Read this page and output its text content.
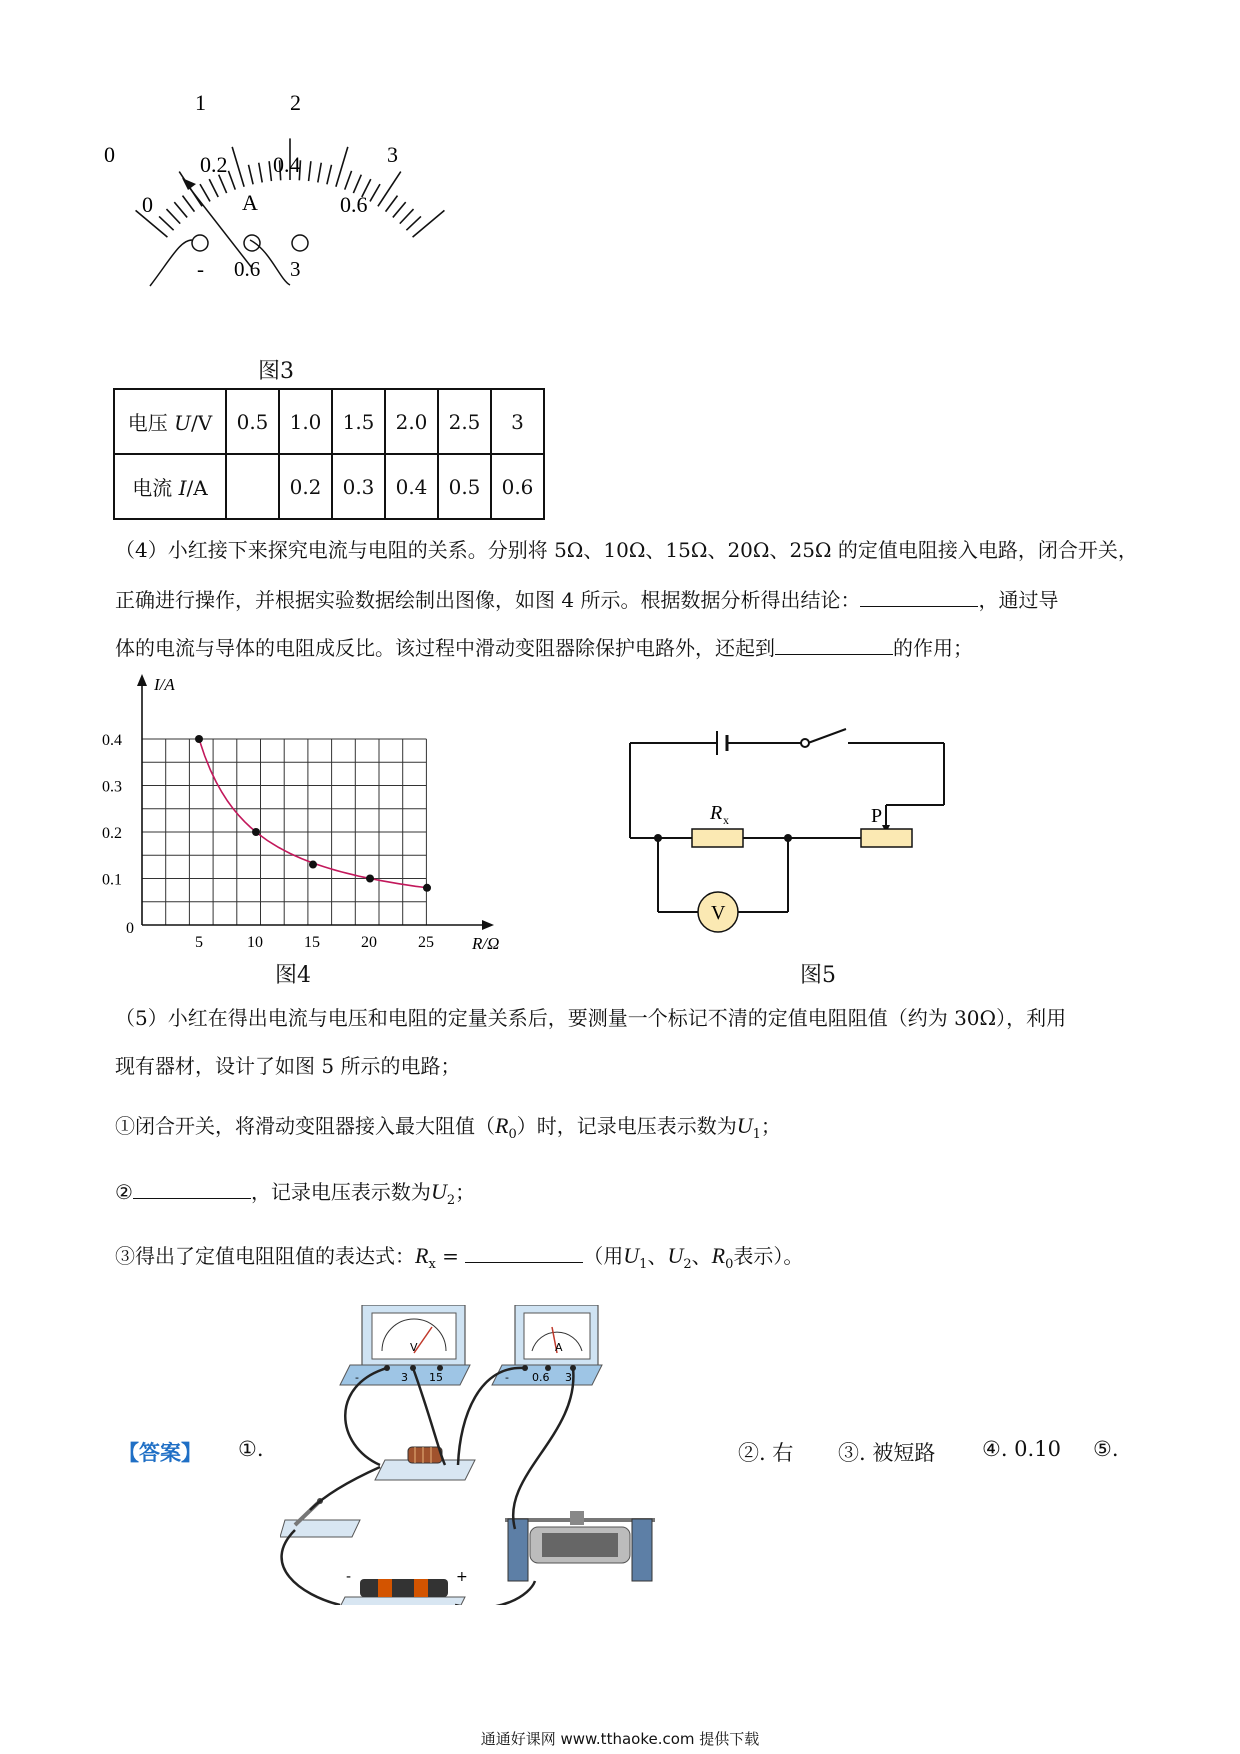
0
1	2
3
0
0.2 0.4
0.6
A
- 0.6 3
图3
电压 U/V	0.5	1.0	1.5	2.0	2.5	3
电流 I/A		0.2	0.3	0.4	0.5	0.6
（4）小红接下来探究电流与电阻的关系。分别将 5Ω、10Ω、15Ω、20Ω、25Ω 的定值电阻接入电路，闭合开关，
正确进行操作，并根据实验数据绘制出图像，如图 4 所示。根据数据分析得出结论：	，通过导
体的电流与导体的电阻成反比。该过程中滑动变阻器除保护电路外，还起到	的作用；
0.1
0.2
0.3
0.4
5	10	15	20	25
0
I/A
R/Ω
图4
V
R x	P
图5
（5）小红在得出电流与电压和电阻的定量关系后，要测量一个标记不清的定值电阻阻值（约为 30Ω），利用
现有器材，设计了如图 5 所示的电路；
①闭合开关，将滑动变阻器接入最大阻值$(R_0)$时，记录电压表示数为$U_1$；
②	，记录电压表示数为$U_2$；
③得出了定值电阻阻值的表达式：$R_x$ =	（用$U_1$、$U_2$、$R_0$表示）。
V
-	3 15
A
- 0.6 3
-	+
【答案】 ①.	②. 右 ③. 被短路 ④. 0.10 ⑤.
通通好课网 www.tthaoke.com 提供下载
